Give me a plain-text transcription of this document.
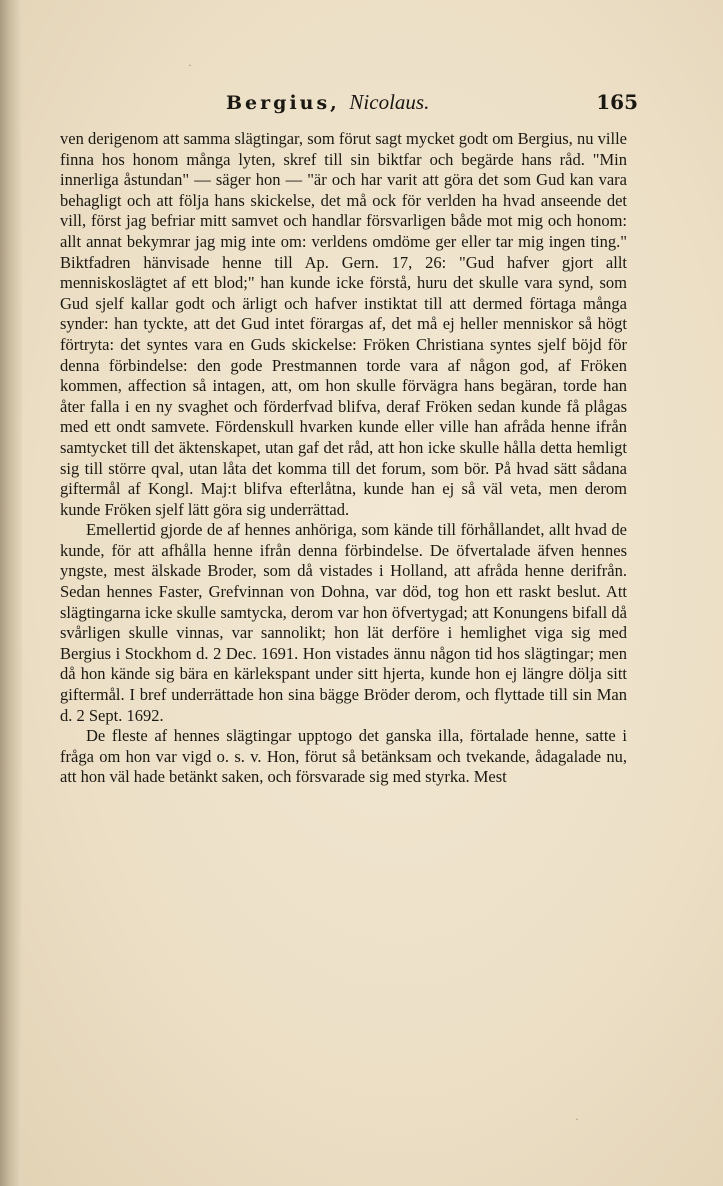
Bergius, Nicolaus.	165

ven derigenom att samma slägtingar, som förut sagt mycket godt om Bergius, nu ville finna hos honom många lyten, skref till sin biktfar och begärde hans råd. "Min innerliga åstundan" — säger hon — "är och har varit att göra det som Gud kan vara behagligt och att följa hans skickelse, det må ock för verlden ha hvad anseende det vill, först jag befriar mitt samvet och handlar försvarligen både mot mig och honom: allt annat bekymrar jag mig inte om: verldens omdöme ger eller tar mig ingen ting." Biktfadren hänvisade henne till Ap. Gern. 17, 26: "Gud hafver gjort allt menniskoslägtet af ett blod;" han kunde icke förstå, huru det skulle vara synd, som Gud sjelf kallar godt och ärligt och hafver instiktat till att dermed förtaga många synder: han tyckte, att det Gud intet förargas af, det må ej heller menniskor så högt förtryta: det syntes vara en Guds skickelse: Fröken Christiana syntes sjelf böjd för denna förbindelse: den gode Prestmannen torde vara af någon god, af Fröken kommen, affection så intagen, att, om hon skulle förvägra hans begäran, torde han åter falla i en ny svaghet och förderfvad blifva, deraf Fröken sedan kunde få plågas med ett ondt samvete. Fördenskull hvarken kunde eller ville han afråda henne ifrån samtycket till det äktenskapet, utan gaf det råd, att hon icke skulle hålla detta hemligt sig till större qval, utan låta det komma till det forum, som bör. På hvad sätt sådana giftermål af Kongl. Maj:t blifva efterlåtna, kunde han ej så väl veta, men derom kunde Fröken sjelf lätt göra sig underrättad.

Emellertid gjorde de af hennes anhöriga, som kände till förhållandet, allt hvad de kunde, för att afhålla henne ifrån denna förbindelse. De öfvertalade äfven hennes yngste, mest älskade Broder, som då vistades i Holland, att afråda henne derifrån. Sedan hennes Faster, Grefvinnan von Dohna, var död, tog hon ett raskt beslut. Att slägtingarna icke skulle samtycka, derom var hon öfvertygad; att Konungens bifall då svårligen skulle vinnas, var sannolikt; hon lät derföre i hemlighet viga sig med Bergius i Stockhom d. 2 Dec. 1691. Hon vistades ännu någon tid hos slägtingar; men då hon kände sig bära en kärlekspant under sitt hjerta, kunde hon ej längre dölja sitt giftermål. I bref underrättade hon sina bägge Bröder derom, och flyttade till sin Man d. 2 Sept. 1692.

De fleste af hennes slägtingar upptogo det ganska illa, förtalade henne, satte i fråga om hon var vigd o. s. v. Hon, förut så betänksam och tvekande, ådagalade nu, att hon väl hade betänkt saken, och försvarade sig med styrka. Mest

·
·
